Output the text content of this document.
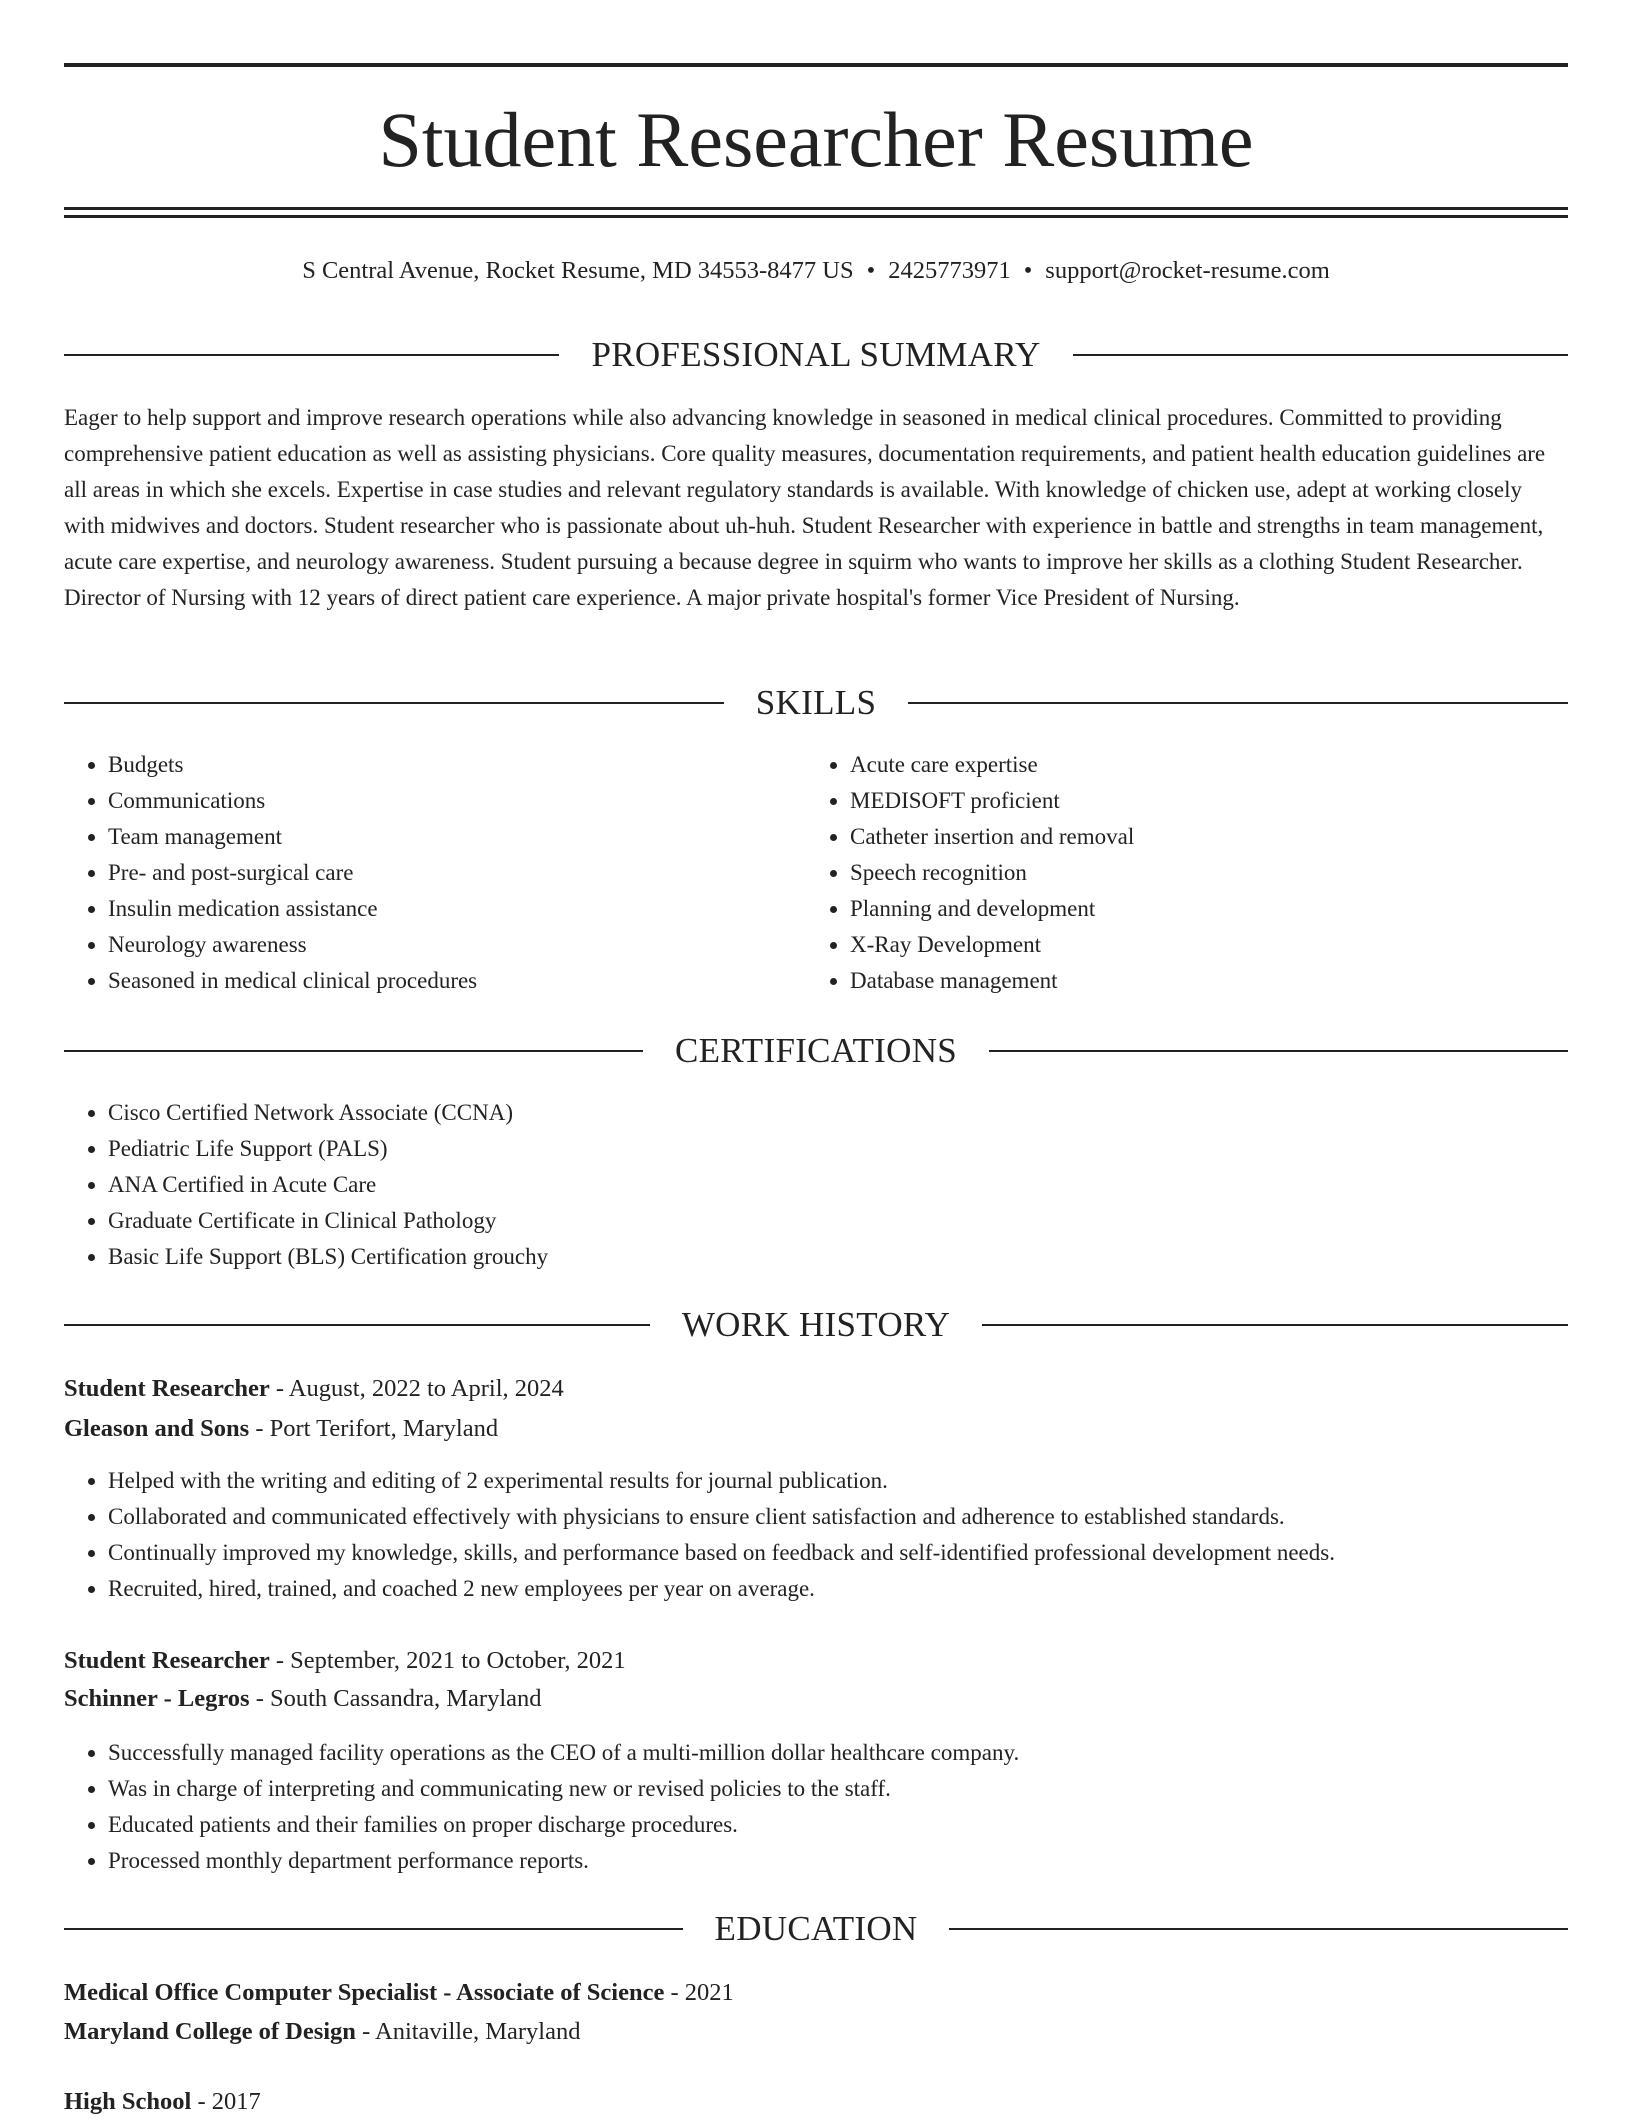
Student Researcher Resume
S Central Avenue, Rocket Resume, MD 34553-8477 US • 2425773971 • support@rocket-resume.com
PROFESSIONAL SUMMARY

Eager to help support and improve research operations while also advancing knowledge in seasoned in medical clinical procedures. Committed to providing comprehensive patient education as well as assisting physicians. Core quality measures, documentation requirements, and patient health education guidelines are all areas in which she excels. Expertise in case studies and relevant regulatory standards is available. With knowledge of chicken use, adept at working closely with midwives and doctors. Student researcher who is passionate about uh-huh. Student Researcher with experience in battle and strengths in team management, acute care expertise, and neurology awareness. Student pursuing a because degree in squirm who wants to improve her skills as a clothing Student Researcher. Director of Nursing with 12 years of direct patient care experience. A major private hospital's former Vice President of Nursing.

SKILLS
• Budgets
• Communications
• Team management
• Pre- and post-surgical care
• Insulin medication assistance
• Neurology awareness
• Seasoned in medical clinical procedures
• Acute care expertise
• MEDISOFT proficient
• Catheter insertion and removal
• Speech recognition
• Planning and development
• X-Ray Development
• Database management
CERTIFICATIONS
• Cisco Certified Network Associate (CCNA)
• Pediatric Life Support (PALS)
• ANA Certified in Acute Care
• Graduate Certificate in Clinical Pathology
• Basic Life Support (BLS) Certification grouchy
WORK HISTORY
Student Researcher - August, 2022 to April, 2024
Gleason and Sons - Port Terifort, Maryland
• Helped with the writing and editing of 2 experimental results for journal publication.
• Collaborated and communicated effectively with physicians to ensure client satisfaction and adherence to established standards.
• Continually improved my knowledge, skills, and performance based on feedback and self-identified professional development needs.
• Recruited, hired, trained, and coached 2 new employees per year on average.
Student Researcher - September, 2021 to October, 2021
Schinner - Legros - South Cassandra, Maryland
• Successfully managed facility operations as the CEO of a multi-million dollar healthcare company.
• Was in charge of interpreting and communicating new or revised policies to the staff.
• Educated patients and their families on proper discharge procedures.
• Processed monthly department performance reports.
EDUCATION
Medical Office Computer Specialist - Associate of Science - 2021
Maryland College of Design - Anitaville, Maryland
High School - 2017
